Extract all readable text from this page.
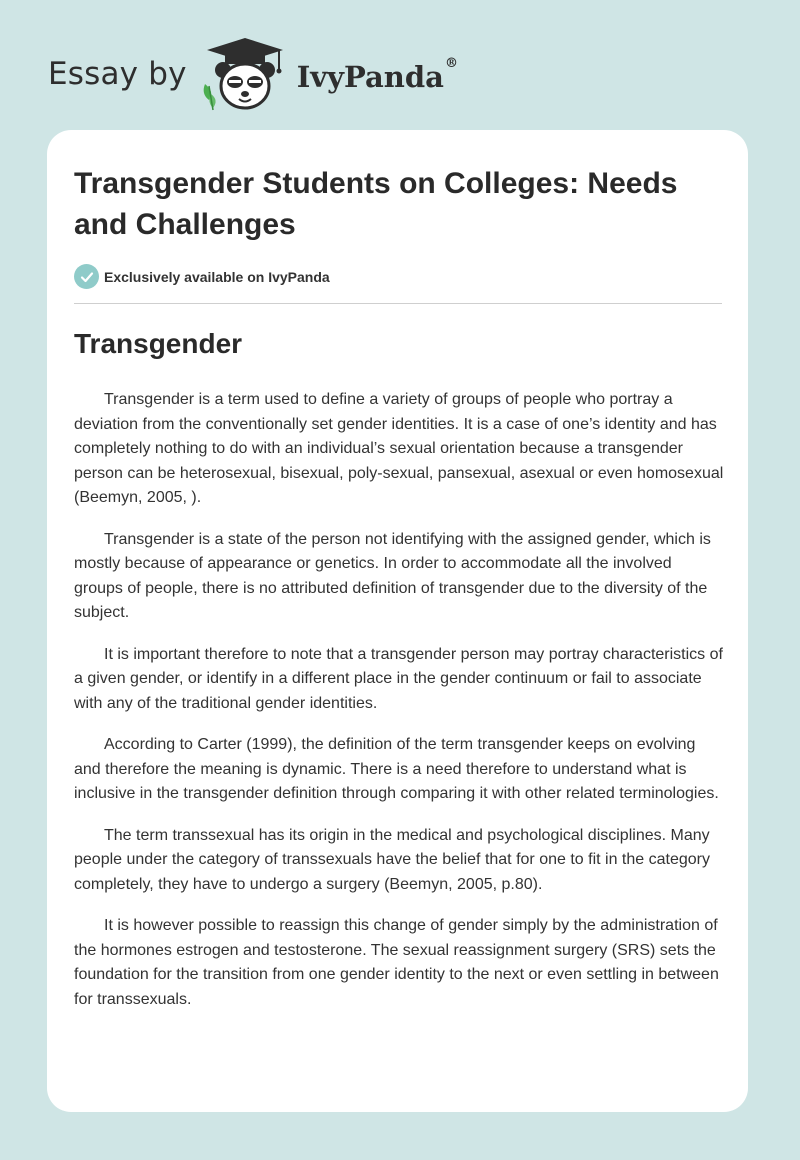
Essay by	IvyPanda®
Transgender Students on Colleges: Needs and Challenges
Exclusively available on IvyPanda
Transgender

Transgender is a term used to define a variety of groups of people who portray a deviation from the conventionally set gender identities. It is a case of one’s identity and has completely nothing to do with an individual’s sexual orientation because a transgender person can be heterosexual, bisexual, poly-sexual, pansexual, asexual or even homosexual (Beemyn, 2005, ).

Transgender is a state of the person not identifying with the assigned gender, which is mostly because of appearance or genetics. In order to accommodate all the involved groups of people, there is no attributed definition of transgender due to the diversity of the subject.

It is important therefore to note that a transgender person may portray characteristics of a given gender, or identify in a different place in the gender continuum or fail to associate with any of the traditional gender identities.

According to Carter (1999), the definition of the term transgender keeps on evolving and therefore the meaning is dynamic. There is a need therefore to understand what is inclusive in the transgender definition through comparing it with other related terminologies.

The term transsexual has its origin in the medical and psychological disciplines. Many people under the category of transsexuals have the belief that for one to fit in the category completely, they have to undergo a surgery (Beemyn, 2005, p.80).

It is however possible to reassign this change of gender simply by the administration of the hormones estrogen and testosterone. The sexual reassignment surgery (SRS) sets the foundation for the transition from one gender identity to the next or even settling in between for transsexuals.
